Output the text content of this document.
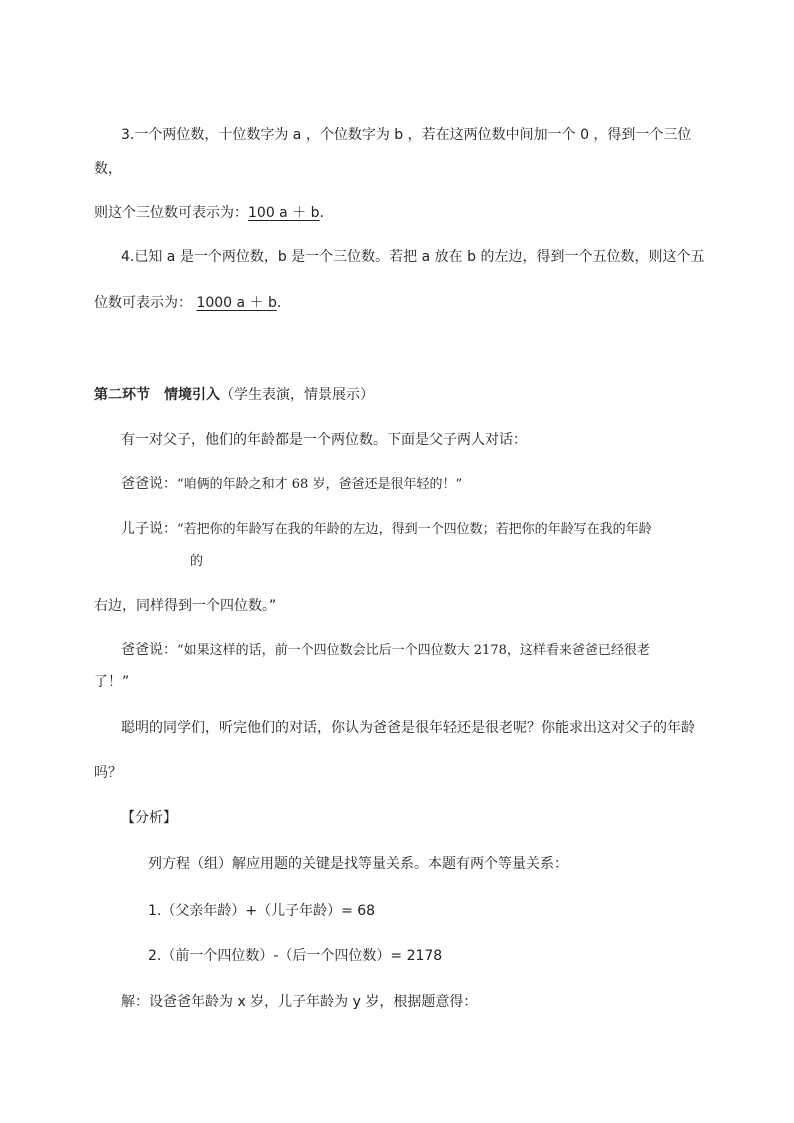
3.一个两位数，十位数字为 a ，个位数字为 b ，若在这两位数中间加一个 0 ，得到一个三位
数，
则这个三位数可表示为：100 a ＋ b.
4.已知 a 是一个两位数，b 是一个三位数。若把 a 放在 b 的左边，得到一个五位数，则这个五
位数可表示为： 1000 a ＋ b.
第二环节　情境引入（学生表演，情景展示）
有一对父子，他们的年龄都是一个两位数。下面是父子两人对话：
爸爸说：“咱俩的年龄之和才 68 岁，爸爸还是很年轻的！”
儿子说：“若把你的年龄写在我的年龄的左边，得到一个四位数；若把你的年龄写在我的年龄
的
右边，同样得到一个四位数。”
爸爸说：“如果这样的话，前一个四位数会比后一个四位数大 2178，这样看来爸爸已经很老
了！”
聪明的同学们，听完他们的对话，你认为爸爸是很年轻还是很老呢？你能求出这对父子的年龄
吗？
【分析】
列方程（组）解应用题的关键是找等量关系。本题有两个等量关系：
1.（父亲年龄）+（儿子年龄）= 68
2.（前一个四位数）-（后一个四位数）= 2178
解：设爸爸年龄为 x 岁，儿子年龄为 y 岁，根据题意得：
